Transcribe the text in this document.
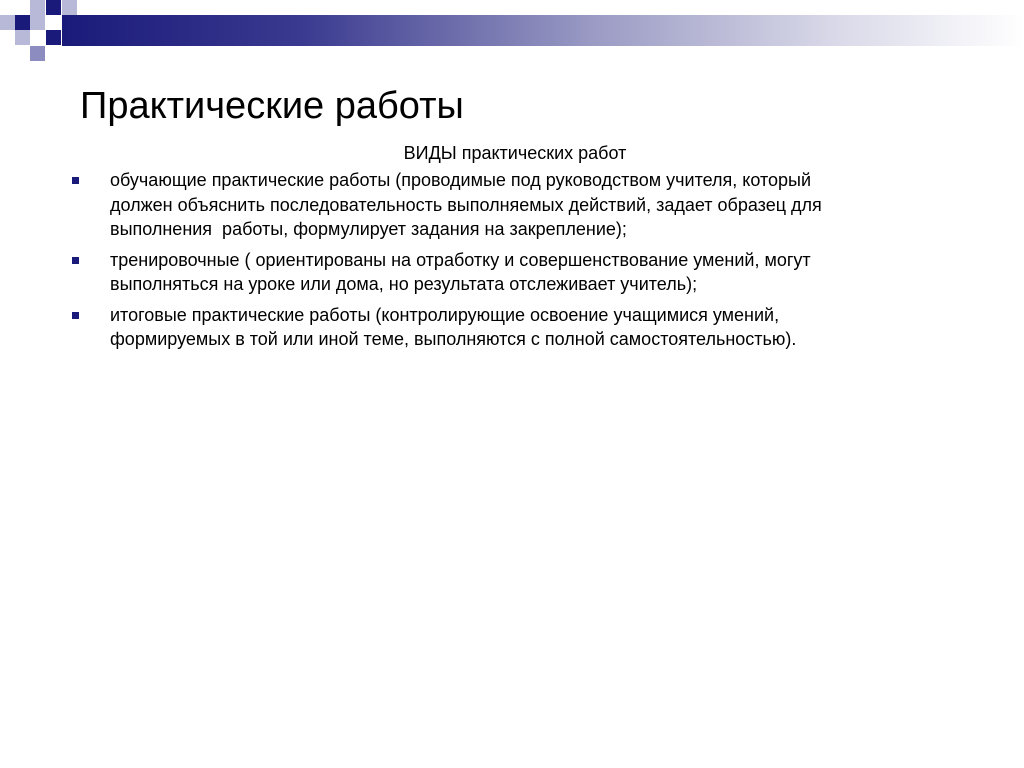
Практические работы
ВИДЫ практических работ
обучающие практические работы (проводимые под руководством учителя, который
должен объяснить последовательность выполняемых действий, задает образец для
выполнения  работы, формулирует задания на закрепление);
тренировочные ( ориентированы на отработку и совершенствование умений, могут
выполняться на уроке или дома, но результата отслеживает учитель);
итоговые практические работы (контролирующие освоение учащимися умений,
формируемых в той или иной теме, выполняются с полной самостоятельностью).
